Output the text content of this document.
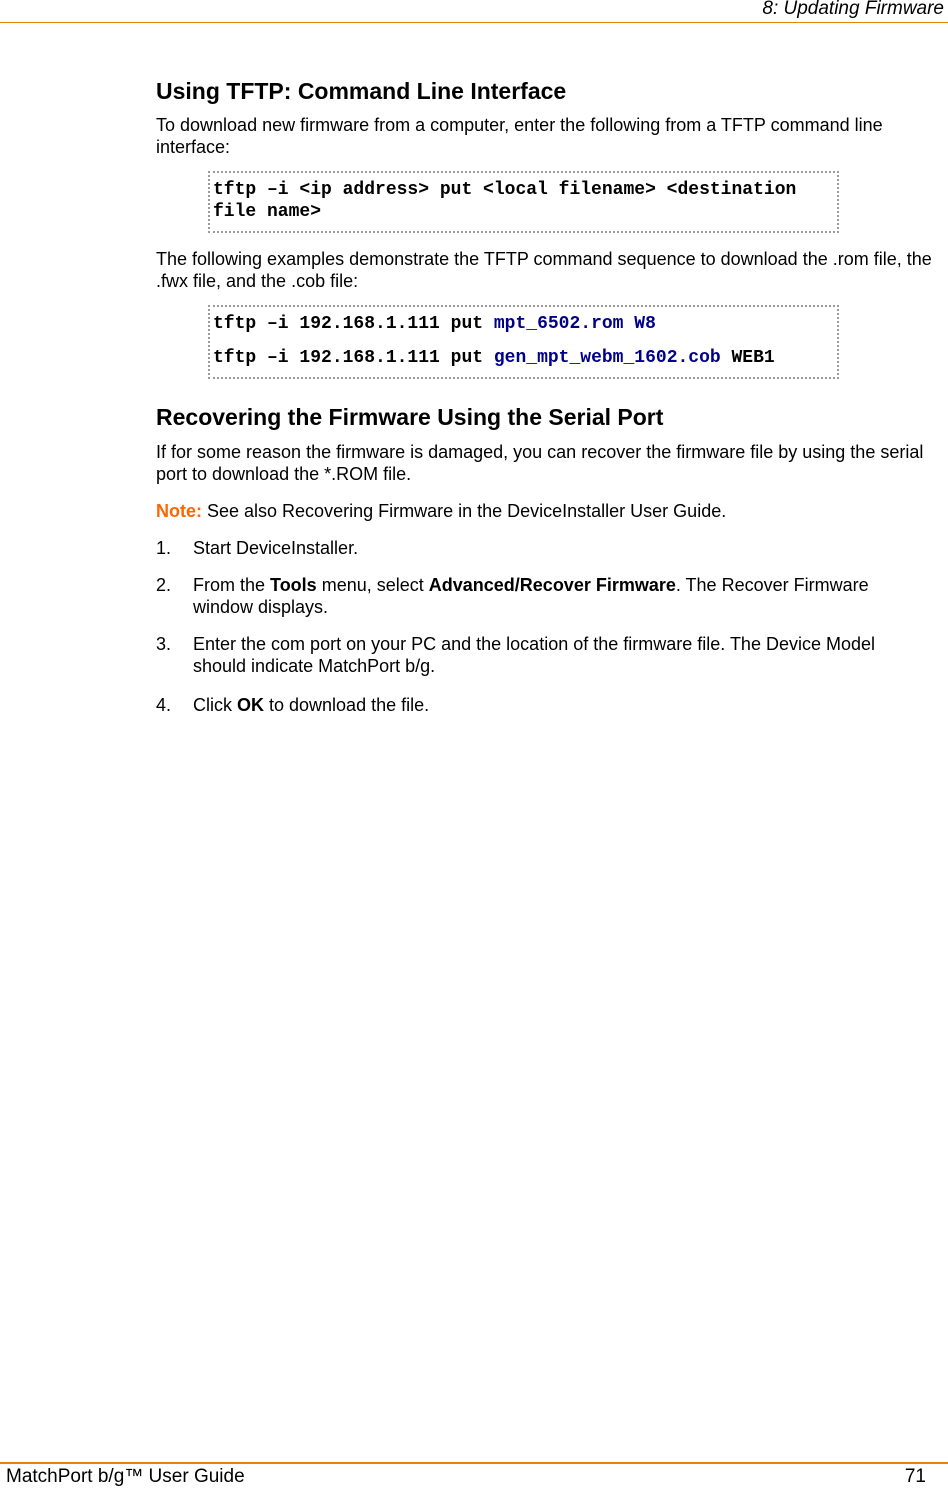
8: Updating Firmware
Using TFTP: Command Line Interface
To download new firmware from a computer, enter the following from a TFTP command line interface:
tftp –i <ip address> put <local filename> <destination
file name>
The following examples demonstrate the TFTP command sequence to download the .rom file, the .fwx file, and the .cob file:
tftp –i 192.168.1.111 put mpt_6502.rom W8
tftp –i 192.168.1.111 put gen_mpt_webm_1602.cob WEB1
Recovering the Firmware Using the Serial Port
If for some reason the firmware is damaged, you can recover the firmware file by using the serial port to download the *.ROM file.
Note: See also Recovering Firmware in the DeviceInstaller User Guide.
1. Start DeviceInstaller.
2. From the Tools menu, select Advanced/Recover Firmware. The Recover Firmware window displays.
3. Enter the com port on your PC and the location of the firmware file. The Device Model should indicate MatchPort b/g.
4. Click OK to download the file.
MatchPort b/g™ User Guide	71
